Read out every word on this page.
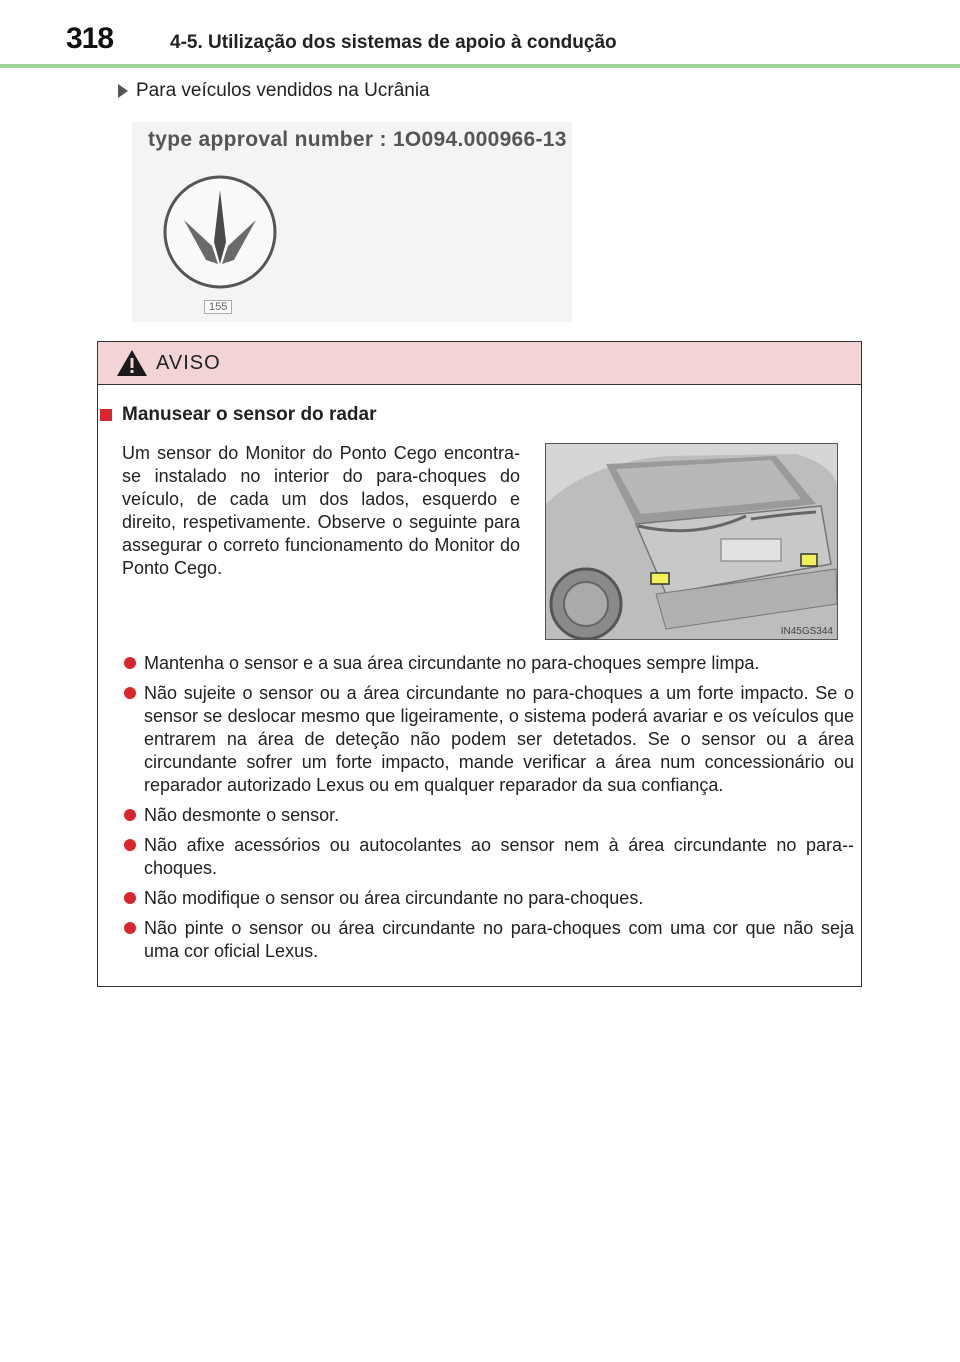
318	4-5. Utilização dos sistemas de apoio à condução
Para veículos vendidos na Ucrânia
type approval number : 1O094.000966-13
155
AVISO
Manusear o sensor do radar
Um sensor do Monitor do Ponto Cego encontra-se instalado no interior do para-choques do veículo, de cada um dos lados, esquerdo e direito, respetivamente. Observe o seguinte para assegurar o correto funcionamento do Monitor do Ponto Cego.
IN45GS344
Mantenha o sensor e a sua área circundante no para-choques sempre limpa.
Não sujeite o sensor ou a área circundante no para-choques a um forte impacto. Se o sensor se deslocar mesmo que ligeiramente, o sistema poderá avariar e os veículos que entrarem na área de deteção não podem ser detetados. Se o sensor ou a área circundante sofrer um forte impacto, mande verificar a área num concessionário ou reparador autorizado Lexus ou em qualquer reparador da sua confiança.
Não desmonte o sensor.
Não afixe acessórios ou autocolantes ao sensor nem à área circundante no para--choques.
Não modifique o sensor ou área circundante no para-choques.
Não pinte o sensor ou área circundante no para-choques com uma cor que não seja uma cor oficial Lexus.
